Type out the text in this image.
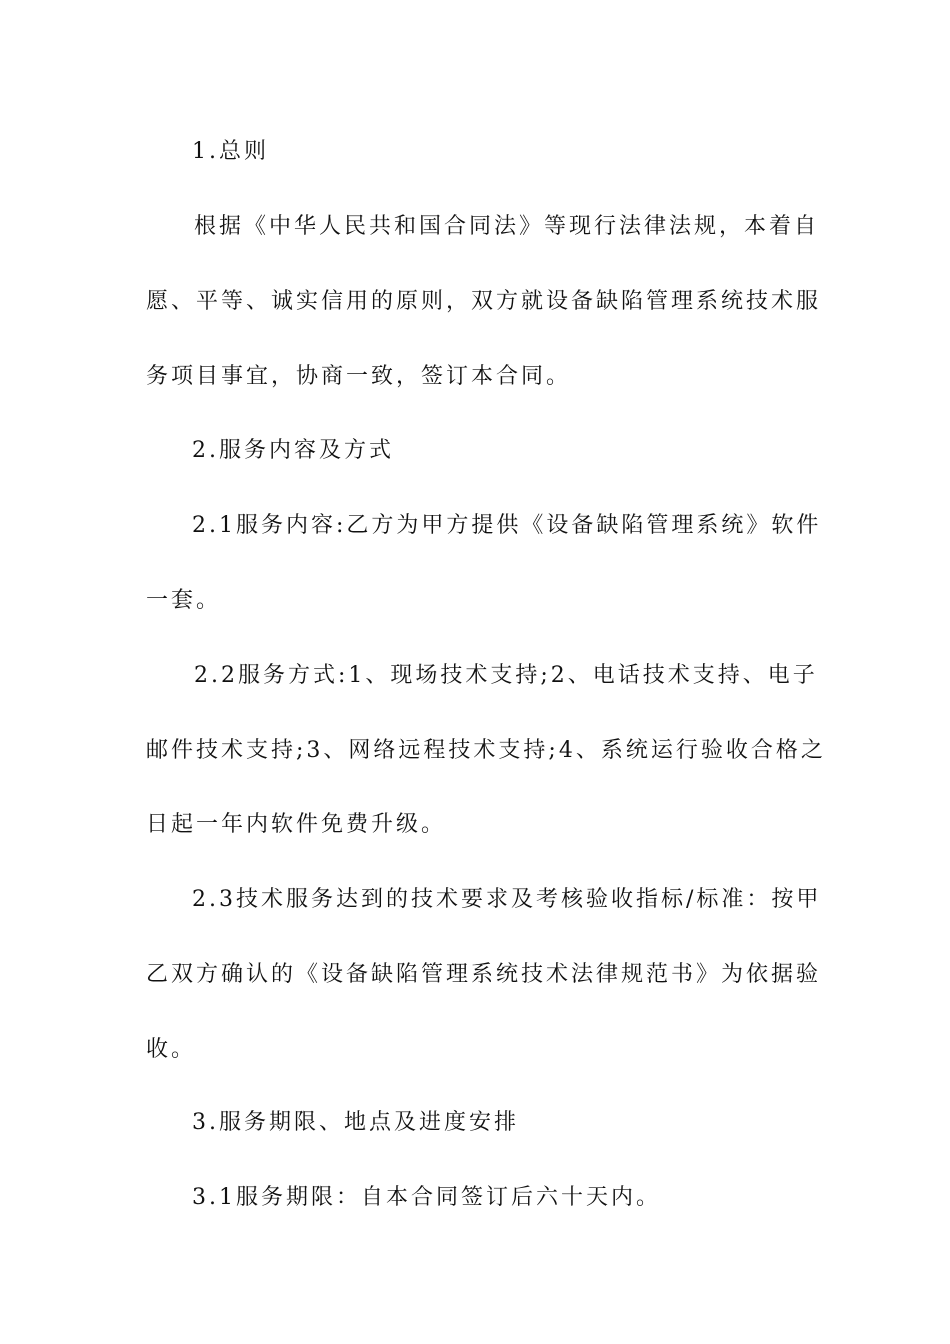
1.总则
根据《中华人民共和国合同法》等现行法律法规，本着自
愿、平等、诚实信用的原则，双方就设备缺陷管理系统技术服
务项目事宜，协商一致，签订本合同。
2.服务内容及方式
2.1服务内容:乙方为甲方提供《设备缺陷管理系统》软件
一套。
2.2服务方式:1、现场技术支持;2、电话技术支持、电子
邮件技术支持;3、网络远程技术支持;4、系统运行验收合格之
日起一年内软件免费升级。
2.3技术服务达到的技术要求及考核验收指标/标准：按甲
乙双方确认的《设备缺陷管理系统技术法律规范书》为依据验
收。
3.服务期限、地点及进度安排
3.1服务期限：自本合同签订后六十天内。
